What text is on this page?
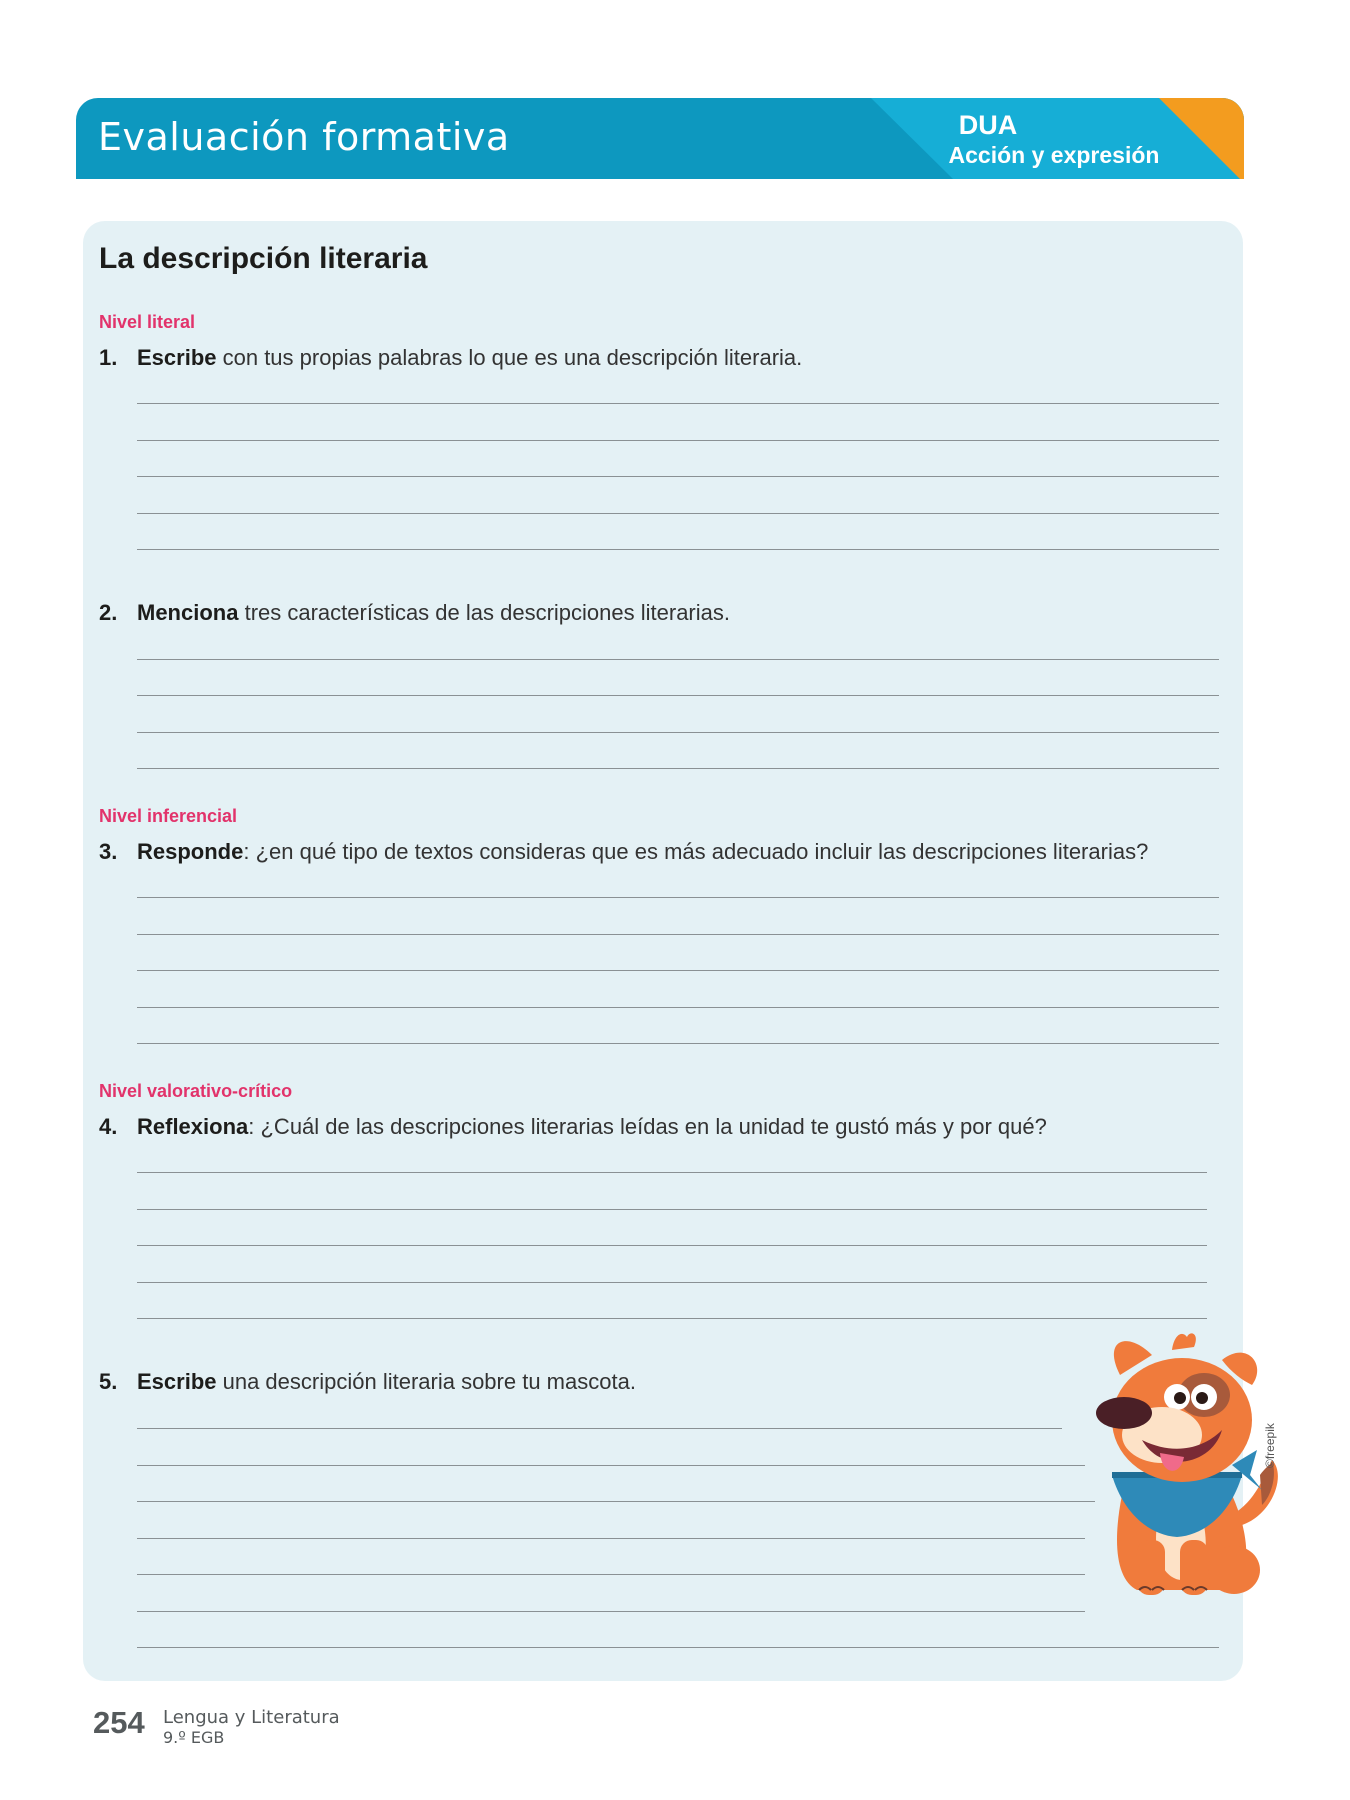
Evaluación formativa	DUA
Acción y expresión
La descripción literaria
Nivel literal
1. Escribe con tus propias palabras lo que es una descripción literaria.
2. Menciona tres características de las descripciones literarias.
Nivel inferencial
3. Responde: ¿en qué tipo de textos consideras que es más adecuado incluir las descripciones literarias?
Nivel valorativo-crítico
4. Reflexiona: ¿Cuál de las descripciones literarias leídas en la unidad te gustó más y por qué?
5. Escribe una descripción literaria sobre tu mascota.
©freepik
254 Lengua y Literatura
9.º EGB
